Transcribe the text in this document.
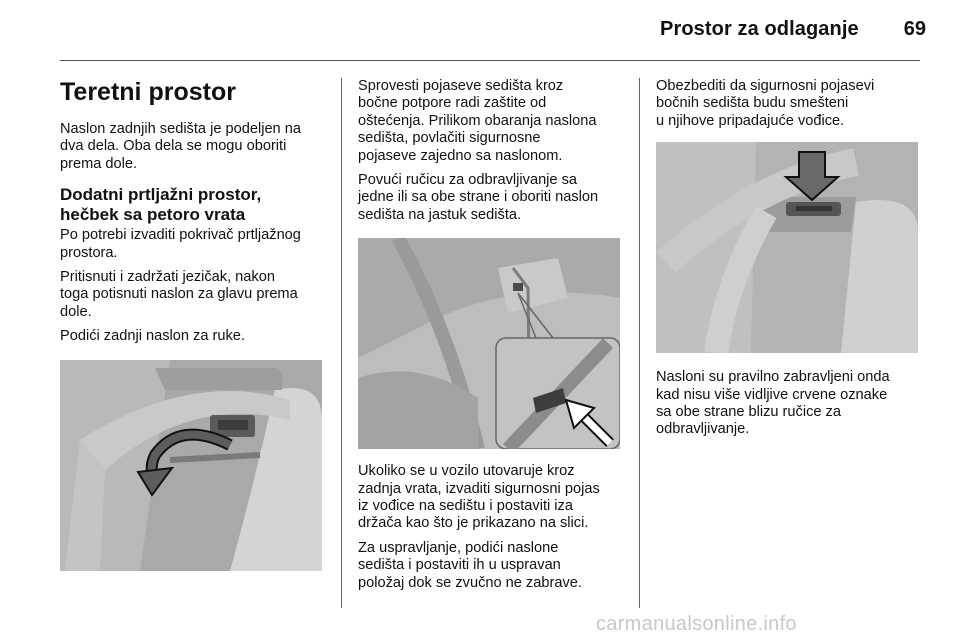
Prostor za odlaganje	69
Teretni prostor

Naslon zadnjih sedišta je podeljen na
dva dela. Oba dela se mogu oboriti
prema dole.

Dodatni prtljažni prostor,
hečbek sa petoro vrata

Po potrebi izvaditi pokrivač prtljažnog
prostora.

Pritisnuti i zadržati jezičak, nakon
toga potisnuti naslon za glavu prema
dole.

Podići zadnji naslon za ruke.

Sprovesti pojaseve sedišta kroz
bočne potpore radi zaštite od
oštećenja. Prilikom obaranja naslona
sedišta, povlačiti sigurnosne
pojaseve zajedno sa naslonom.

Povući ručicu za odbravljivanje sa
jedne ili sa obe strane i oboriti naslon
sedišta na jastuk sedišta.

Ukoliko se u vozilo utovaruje kroz
zadnja vrata, izvaditi sigurnosni pojas
iz vođice na sedištu i postaviti iza
držača kao što je prikazano na slici.

Za uspravljanje, podići naslone
sedišta i postaviti ih u uspravan
položaj dok se zvučno ne zabrave.

Obezbediti da sigurnosni pojasevi
bočnih sedišta budu smešteni
u njihove pripadajuće vođice.

Nasloni su pravilno zabravljeni onda
kad nisu više vidljive crvene oznake
sa obe strane blizu ručice za
odbravljivanje.

carmanualsonline.info
